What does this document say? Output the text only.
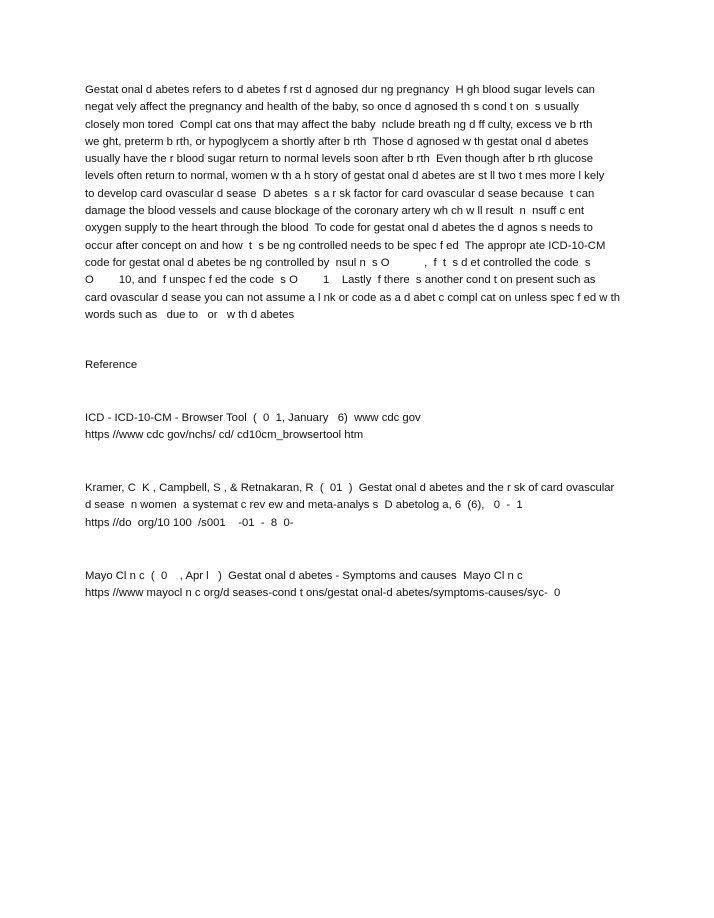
Gestat onal d abetes refers to d abetes f rst d agnosed dur ng pregnancy  H gh blood sugar levels can
negat vely affect the pregnancy and health of the baby, so once d agnosed th s cond t on  s usually
closely mon tored  Compl cat ons that may affect the baby  nclude breath ng d ff culty, excess ve b rth
we ght, preterm b rth, or hypoglycem a shortly after b rth  Those d agnosed w th gestat onal d abetes
usually have the r blood sugar return to normal levels soon after b rth  Even though after b rth glucose
levels often return to normal, women w th a h story of gestat onal d abetes are st ll two t mes more l kely
to develop card ovascular d sease  D abetes  s a r sk factor for card ovascular d sease because  t can
damage the blood vessels and cause blockage of the coronary artery wh ch w ll result  n  nsuff c ent
oxygen supply to the heart through the blood  To code for gestat onal d abetes the d agnos s needs to
occur after concept on and how  t  s be ng controlled needs to be spec f ed  The appropr ate ICD-10-CM
code for gestat onal d abetes be ng controlled by  nsul n  s O           ,  f  t  s d et controlled the code  s
O        10, and  f unspec f ed the code  s O        1    Lastly  f there  s another cond t on present such as
card ovascular d sease you can not assume a l nk or code as a d abet c compl cat on unless spec f ed w th
words such as   due to   or   w th d abetes

Reference

ICD - ICD-10-CM - Browser Tool  (  0  1, January   6)  www cdc gov
https //www cdc gov/nchs/ cd/ cd10cm_browsertool htm
Kramer, C  K , Campbell, S , & Retnakaran, R  (  01  )  Gestat onal d abetes and the r sk of card ovascular
d sease  n women  a systemat c rev ew and meta-analys s  D abetolog a, 6  (6),   0  -  1
https //do  org/10 100  /s001    -01  -  8  0-
Mayo Cl n c  (  0    , Apr l   )  Gestat onal d abetes - Symptoms and causes  Mayo Cl n c
https //www mayocl n c org/d seases-cond t ons/gestat onal-d abetes/symptoms-causes/syc-  0
